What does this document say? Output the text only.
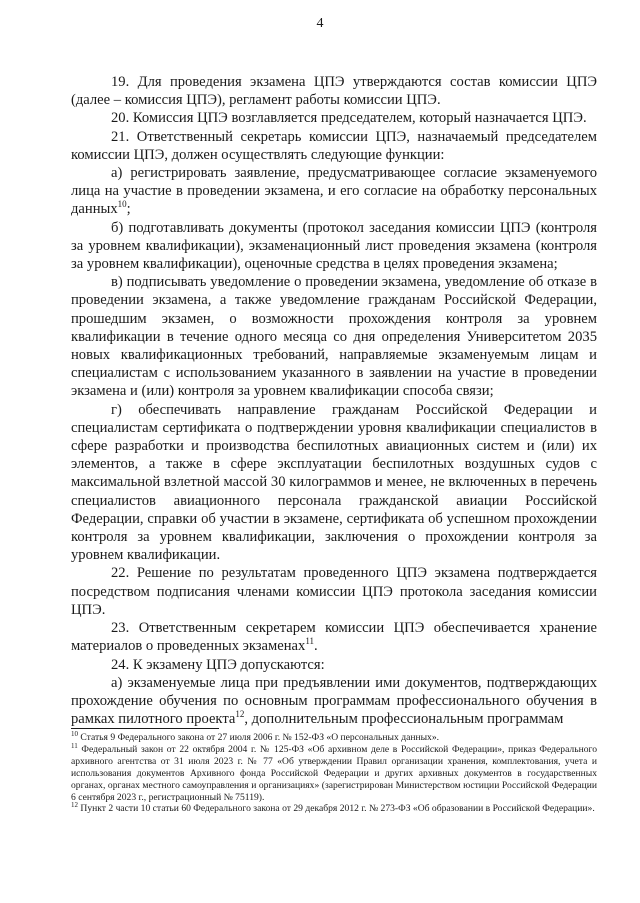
4

19. Для проведения экзамена ЦПЭ утверждаются состав комиссии ЦПЭ (далее – комиссия ЦПЭ), регламент работы комиссии ЦПЭ.

20. Комиссия ЦПЭ возглавляется председателем, который назначается ЦПЭ.

21. Ответственный секретарь комиссии ЦПЭ, назначаемый председателем комиссии ЦПЭ, должен осуществлять следующие функции:

а) регистрировать заявление, предусматривающее согласие экзаменуемого лица на участие в проведении экзамена, и его согласие на обработку персональных данных$^{10}$;

б) подготавливать документы (протокол заседания комиссии ЦПЭ (контроля за уровнем квалификации), экзаменационный лист проведения экзамена (контроля за уровнем квалификации), оценочные средства в целях проведения экзамена;

в) подписывать уведомление о проведении экзамена, уведомление об отказе в проведении экзамена, а также уведомление гражданам Российской Федерации, прошедшим экзамен, о возможности прохождения контроля за уровнем квалификации в течение одного месяца со дня определения Университетом 2035 новых квалификационных требований, направляемые экзаменуемым лицам и специалистам с использованием указанного в заявлении на участие в проведении экзамена и (или) контроля за уровнем квалификации способа связи;

г) обеспечивать направление гражданам Российской Федерации и специалистам сертификата о подтверждении уровня квалификации специалистов в сфере разработки и производства беспилотных авиационных систем и (или) их элементов, а также в сфере эксплуатации беспилотных воздушных судов с максимальной взлетной массой 30 килограммов и менее, не включенных в перечень специалистов авиационного персонала гражданской авиации Российской Федерации, справки об участии в экзамене, сертификата об успешном прохождении контроля за уровнем квалификации, заключения о прохождении контроля за уровнем квалификации.

22. Решение по результатам проведенного ЦПЭ экзамена подтверждается посредством подписания членами комиссии ЦПЭ протокола заседания комиссии ЦПЭ.

23. Ответственным секретарем комиссии ЦПЭ обеспечивается хранение материалов о проведенных экзаменах$^{11}$.

24. К экзамену ЦПЭ допускаются:

а) экзаменуемые лица при предъявлении ими документов, подтверждающих прохождение обучения по основным программам профессионального обучения в рамках пилотного проекта$^{12}$, дополнительным профессиональным программам

$^{10}$ Статья 9 Федерального закона от 27 июля 2006 г. № 152-ФЗ «О персональных данных».

$^{11}$ Федеральный закон от 22 октября 2004 г. № 125-ФЗ «Об архивном деле в Российской Федерации», приказ Федерального архивного агентства от 31 июля 2023 г. № 77 «Об утверждении Правил организации хранения, комплектования, учета и использования документов Архивного фонда Российской Федерации и других архивных документов в государственных органах, органах местного самоуправления и организациях» (зарегистрирован Министерством юстиции Российской Федерации 6 сентября 2023 г., регистрационный № 75119).

$^{12}$ Пункт 2 части 10 статьи 60 Федерального закона от 29 декабря 2012 г. № 273-ФЗ «Об образовании в Российской Федерации».
